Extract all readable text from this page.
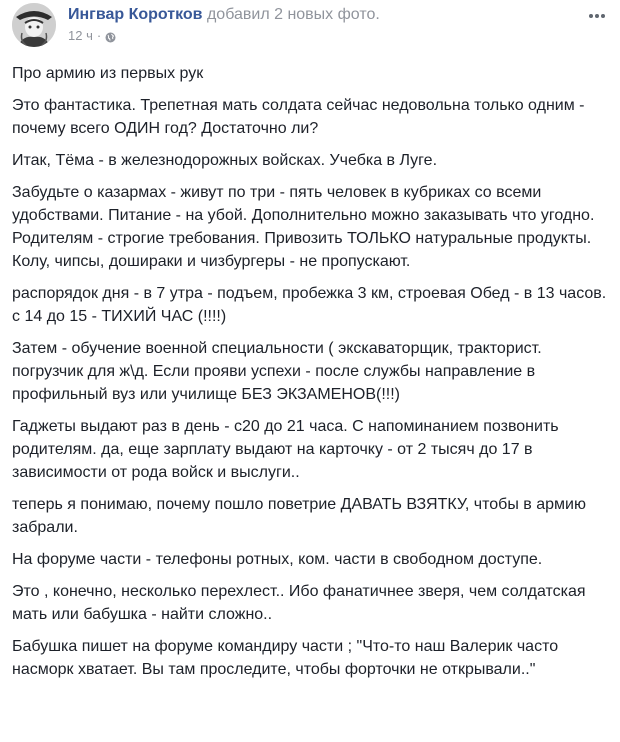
Ингвар Коротков добавил 2 новых фото.
12 ч ·

Про армию из первых рук

Это фантастика. Трепетная мать солдата сейчас недовольна только одним - почему всего ОДИН год? Достаточно ли?

Итак, Тёма - в железнодорожных войсках. Учебка в Луге.

Забудьте о казармах - живут по три - пять человек в кубриках со всеми удобствами. Питание - на убой. Дополнительно можно заказывать что угодно. Родителям - строгие требования. Привозить ТОЛЬКО натуральные продукты. Колу, чипсы, дошираки и чизбургеры - не пропускают.

распорядок дня - в 7 утра - подъем, пробежка 3 км, строевая Обед - в 13 часов. с 14 до 15 - ТИХИЙ ЧАС (!!!!)

Затем - обучение военной специальности ( экскаваторщик, тракторист. погрузчик для ж\д. Если прояви успехи - после службы направление в профильный вуз или училище БЕЗ ЭКЗАМЕНОВ(!!!)

Гаджеты выдают раз в день - с20 до 21 часа. С напоминанием позвонить родителям. да, еще зарплату выдают на карточку - от 2 тысяч до 17 в зависимости от рода войск и выслуги..

теперь я понимаю, почему пошло поветрие ДАВАТЬ ВЗЯТКУ, чтобы в армию забрали.

На форуме части - телефоны ротных, ком. части в свободном доступе.

Это , конечно, несколько перехлест.. Ибо фанатичнее зверя, чем солдатская мать или бабушка - найти сложно..

Бабушка пишет на форуме командиру части ; "Что-то наш Валерик часто насморк хватает. Вы там проследите, чтобы форточки не открывали.."
